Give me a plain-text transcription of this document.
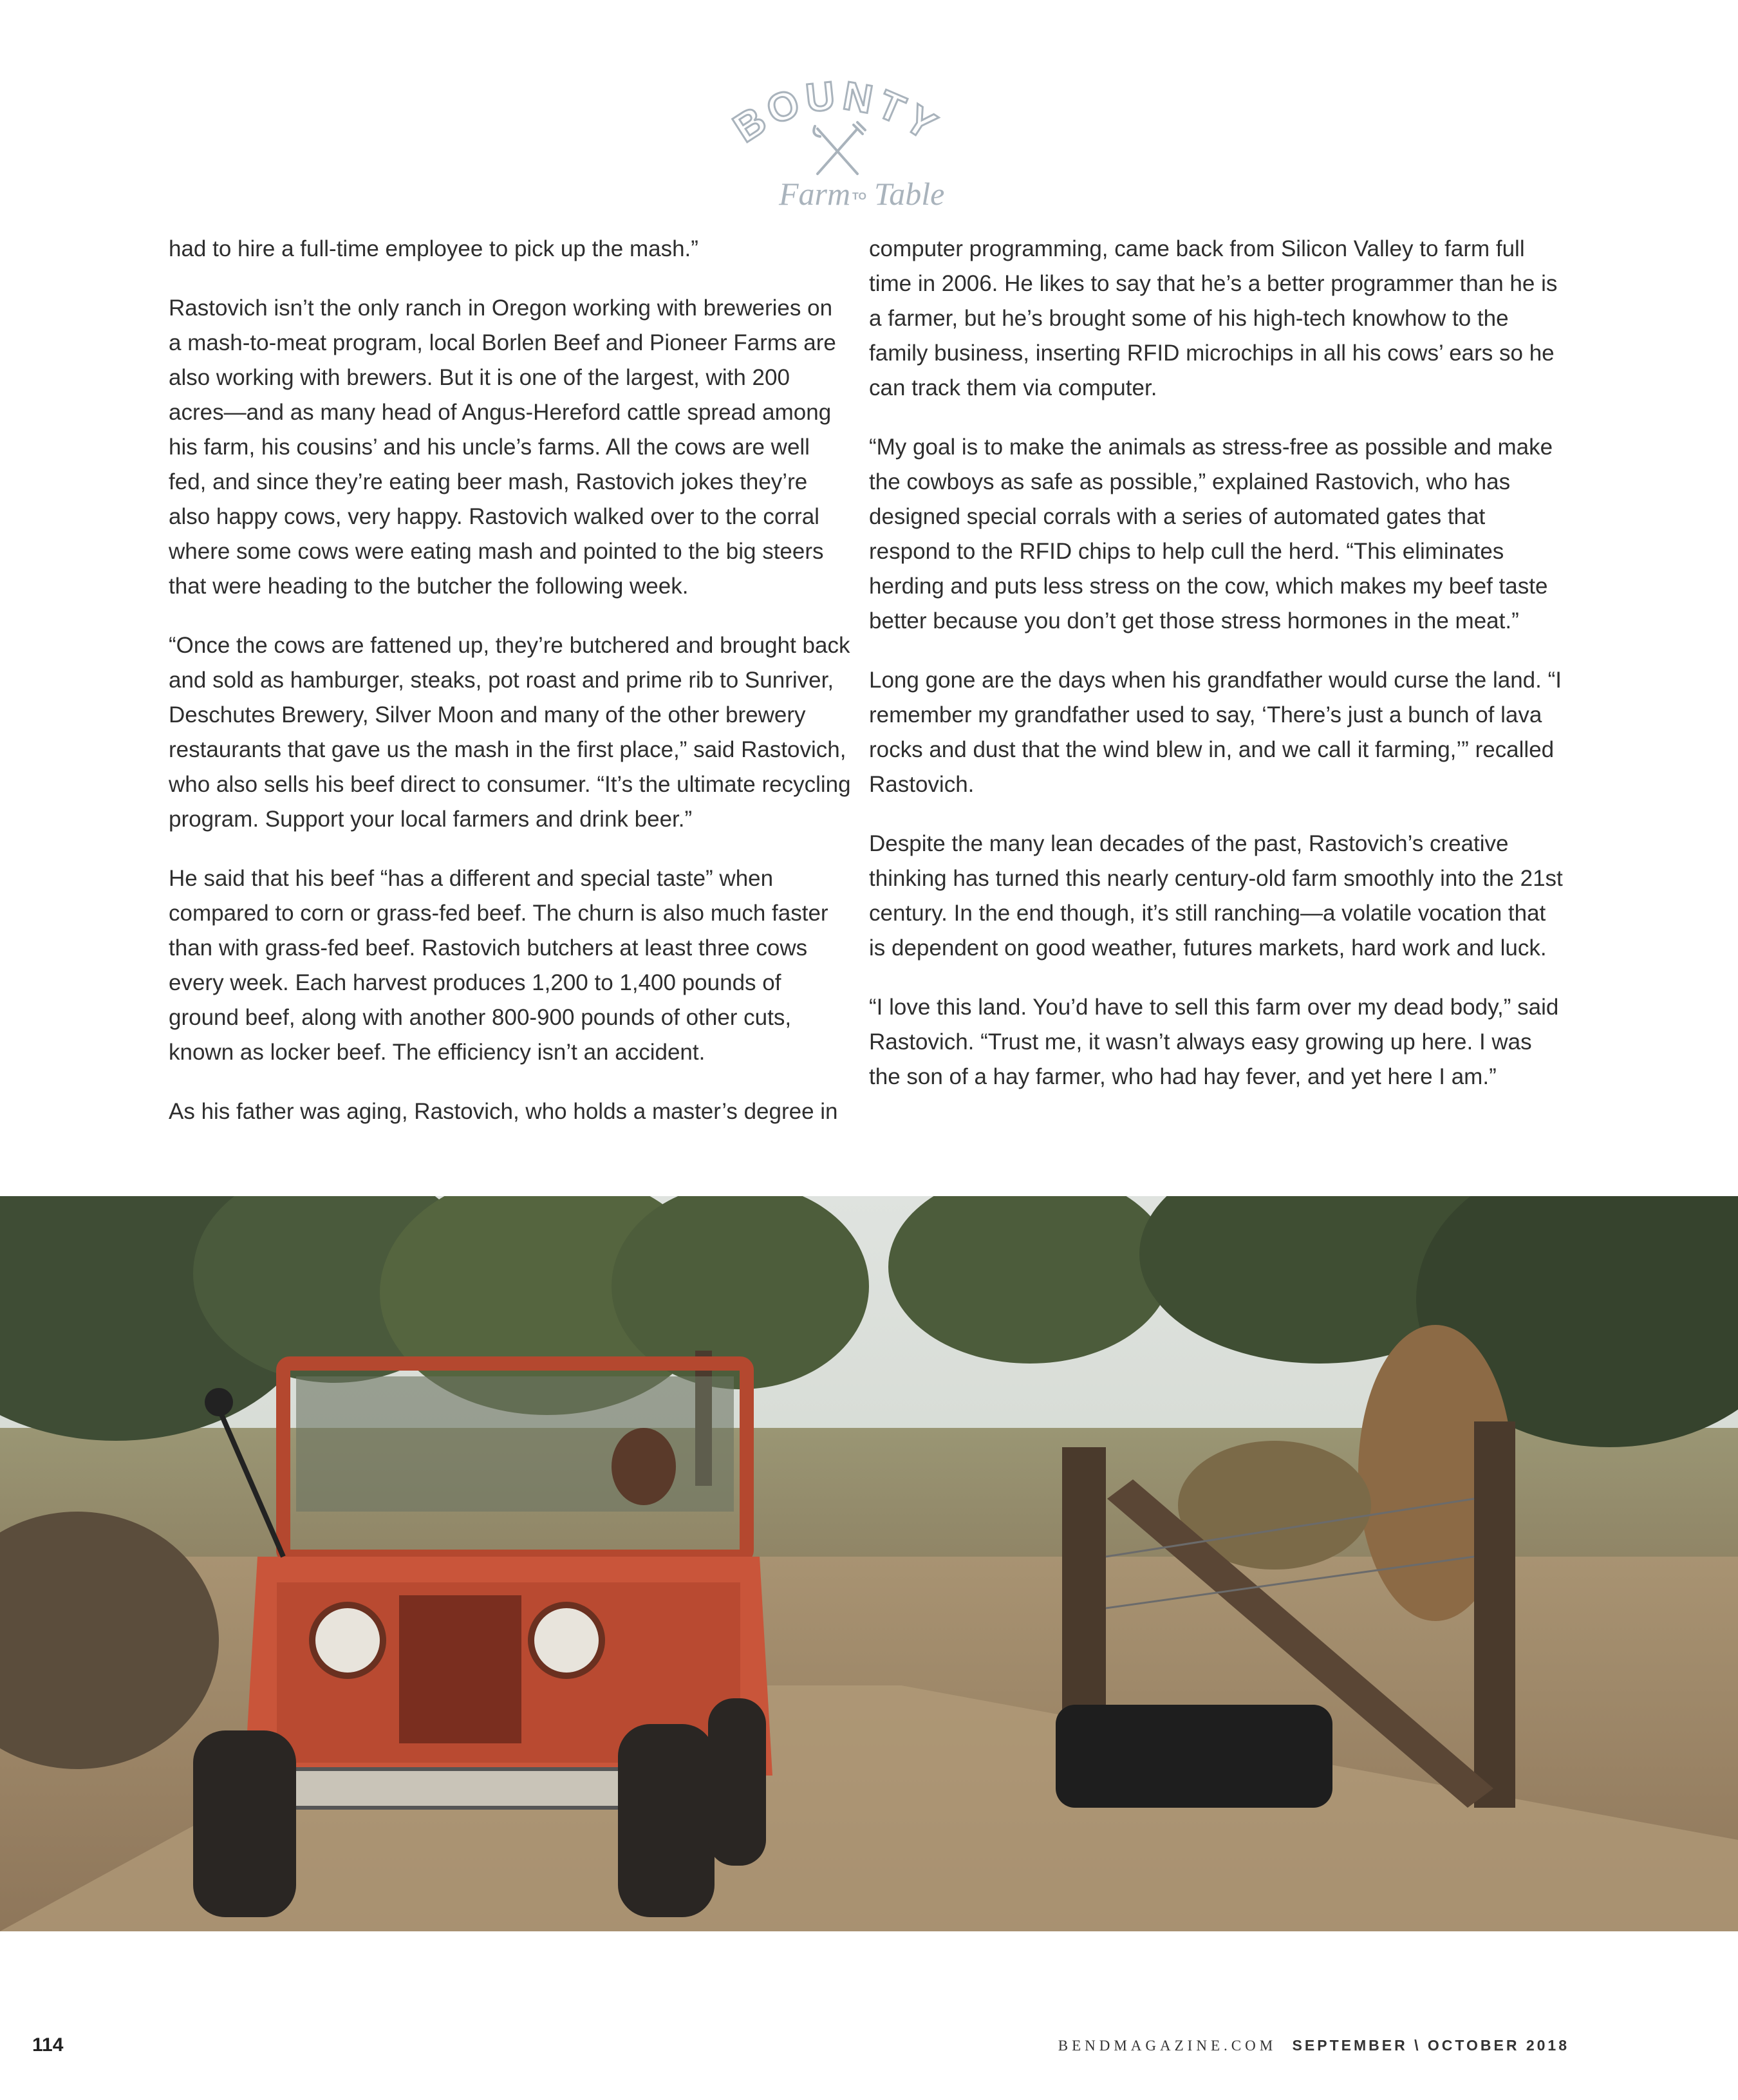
BOUNTY
Farm TO Table

had to hire a full-time employee to pick up the mash.”

Rastovich isn’t the only ranch in Oregon working with breweries on a mash-to-meat program, local Borlen Beef and Pioneer Farms are also working with brewers. But it is one of the largest, with 200 acres—and as many head of Angus-Hereford cattle spread among his farm, his cousins’ and his uncle’s farms. All the cows are well fed, and since they’re eating beer mash, Rastovich jokes they’re also happy cows, very happy. Rastovich walked over to the corral where some cows were eating mash and pointed to the big steers that were heading to the butcher the following week.

“Once the cows are fattened up, they’re butchered and brought back and sold as hamburger, steaks, pot roast and prime rib to Sunriver, Deschutes Brewery, Silver Moon and many of the other brewery restaurants that gave us the mash in the first place,” said Rastovich, who also sells his beef direct to consumer. “It’s the ultimate recycling program. Support your local farmers and drink beer.”

He said that his beef “has a different and special taste” when compared to corn or grass-fed beef. The churn is also much faster than with grass-fed beef. Rastovich butchers at least three cows every week. Each harvest produces 1,200 to 1,400 pounds of ground beef, along with another 800-900 pounds of other cuts, known as locker beef. The efficiency isn’t an accident.

As his father was aging, Rastovich, who holds a master’s degree in

computer programming, came back from Silicon Valley to farm full time in 2006. He likes to say that he’s a better programmer than he is a farmer, but he’s brought some of his high-tech knowhow to the family business, inserting RFID microchips in all his cows’ ears so he can track them via computer.

“My goal is to make the animals as stress-free as possible and make the cowboys as safe as possible,” explained Rastovich, who has designed special corrals with a series of automated gates that respond to the RFID chips to help cull the herd. “This eliminates herding and puts less stress on the cow, which makes my beef taste better because you don’t get those stress hormones in the meat.”

Long gone are the days when his grandfather would curse the land. “I remember my grandfather used to say, ‘There’s just a bunch of lava rocks and dust that the wind blew in, and we call it farming,’” recalled Rastovich.

Despite the many lean decades of the past, Rastovich’s creative thinking has turned this nearly century-old farm smoothly into the 21st century. In the end though, it’s still ranching—a volatile vocation that is dependent on good weather, futures markets, hard work and luck.

“I love this land. You’d have to sell this farm over my dead body,” said Rastovich. “Trust me, it wasn’t always easy growing up here. I was the son of a hay farmer, who had hay fever, and yet here I am.”

114	BENDMAGAZINE.COM SEPTEMBER \ OCTOBER 2018
